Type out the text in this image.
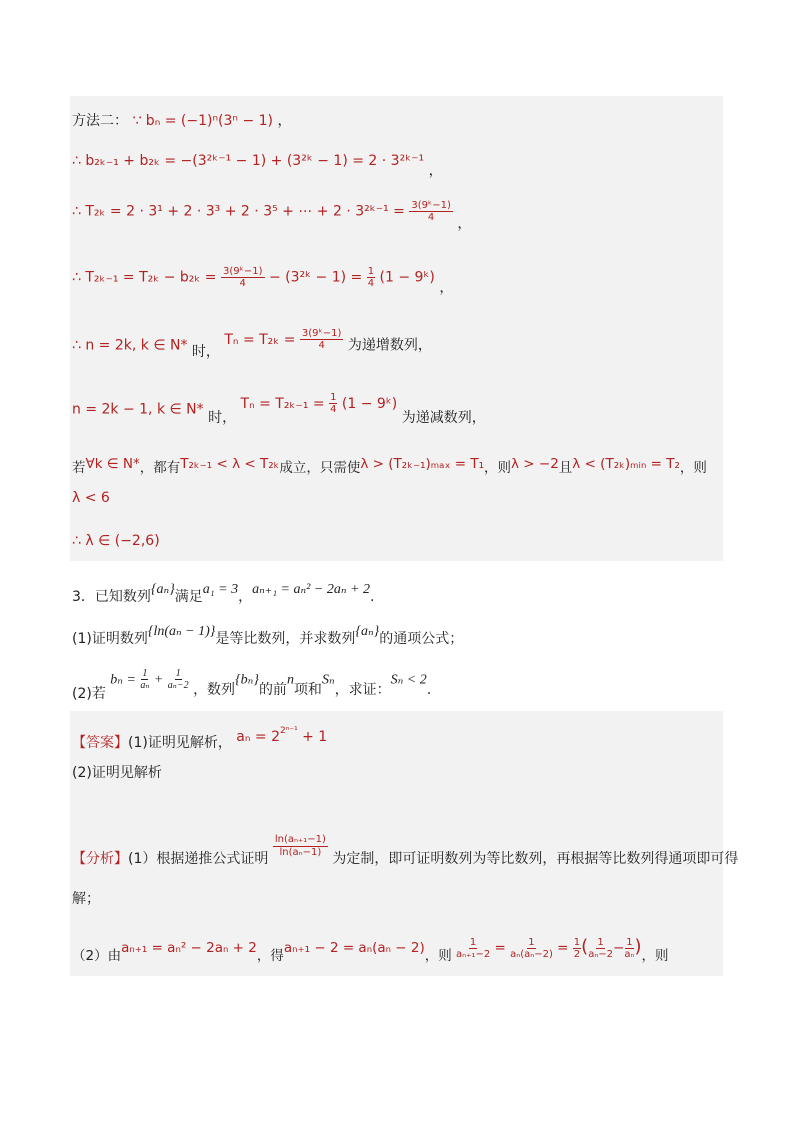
方法二： ∵ bₙ = (−1)ⁿ(3ⁿ − 1) ，
∴ b₂ₖ₋₁ + b₂ₖ = −(3²ᵏ⁻¹ − 1) + (3²ᵏ − 1) = 2 · 3²ᵏ⁻¹ ，
∴ T₂ₖ = 2 · 3¹ + 2 · 3³ + 2 · 3⁵ + ⋯ + 2 · 3²ᵏ⁻¹ = $\frac{\text{3(9ᵏ−1)}}{4}$
，
∴ $T_{2k-1} = T_{2k} - b_{2k} = \frac{\text{3(9ᵏ−1)}}{4}$ − (3²ᵏ − $1) = \frac{1}{4} (1$ − 9ᵏ) ，
∴ n = 2k, k ∈ N* 时， $T_n = T_{2k} = \frac{\text{3(9ᵏ−1)}}{4}$ 为递增数列，
n = 2k − 1, k ∈ N* 时， $T_n = T_{2k-1} = \frac{1}{4} (1$ − 9ᵏ) 为递减数列，
若∀k ∈ N*，都有T₂ₖ₋₁ < λ < T₂ₖ成立，只需使λ > (T₂ₖ₋₁)ₘₐₓ = T₁，则λ > −2且λ < (T₂ₖ)ₘᵢₙ = T₂，则
λ < 6
∴ λ ∈ (−2,6)
3．已知数列{aₙ}满足a₁ = 3，aₙ₊₁ = aₙ² − 2aₙ + 2.
(1)证明数列{ln(aₙ − 1)}是等比数列，并求数列{aₙ}的通项公式；
(2)若 $b_n = \frac{1}{\text{aₙ}} + \frac{1}{\text{aₙ−2}}$ ，数列{bₙ}的前n项和Sₙ，求证：Sₙ < 2.
【答案】(1)证明见解析， $a_n = 2^{2^{n-1}} + 1$
(2)证明见解析
【分析】(1）根据递推公式证明
$\frac{\text{ln(aₙ₊₁−1)}}{\text{ln(aₙ−1)}}$
为定制，即可证明数列为等比数列，再根据等比数列得通项即可得
解；
（2）由aₙ₊₁ = aₙ² − 2aₙ + 2，得aₙ₊₁ − 2 = aₙ(aₙ − 2)，则 $\frac{1}{\text{aₙ₊₁−2}} = \frac{1}{\text{aₙ(aₙ−2)}} = \frac{1}{2}$ ( $\frac{1}{\text{aₙ−2}} - \frac{1}{\text{aₙ}}$ )，则
